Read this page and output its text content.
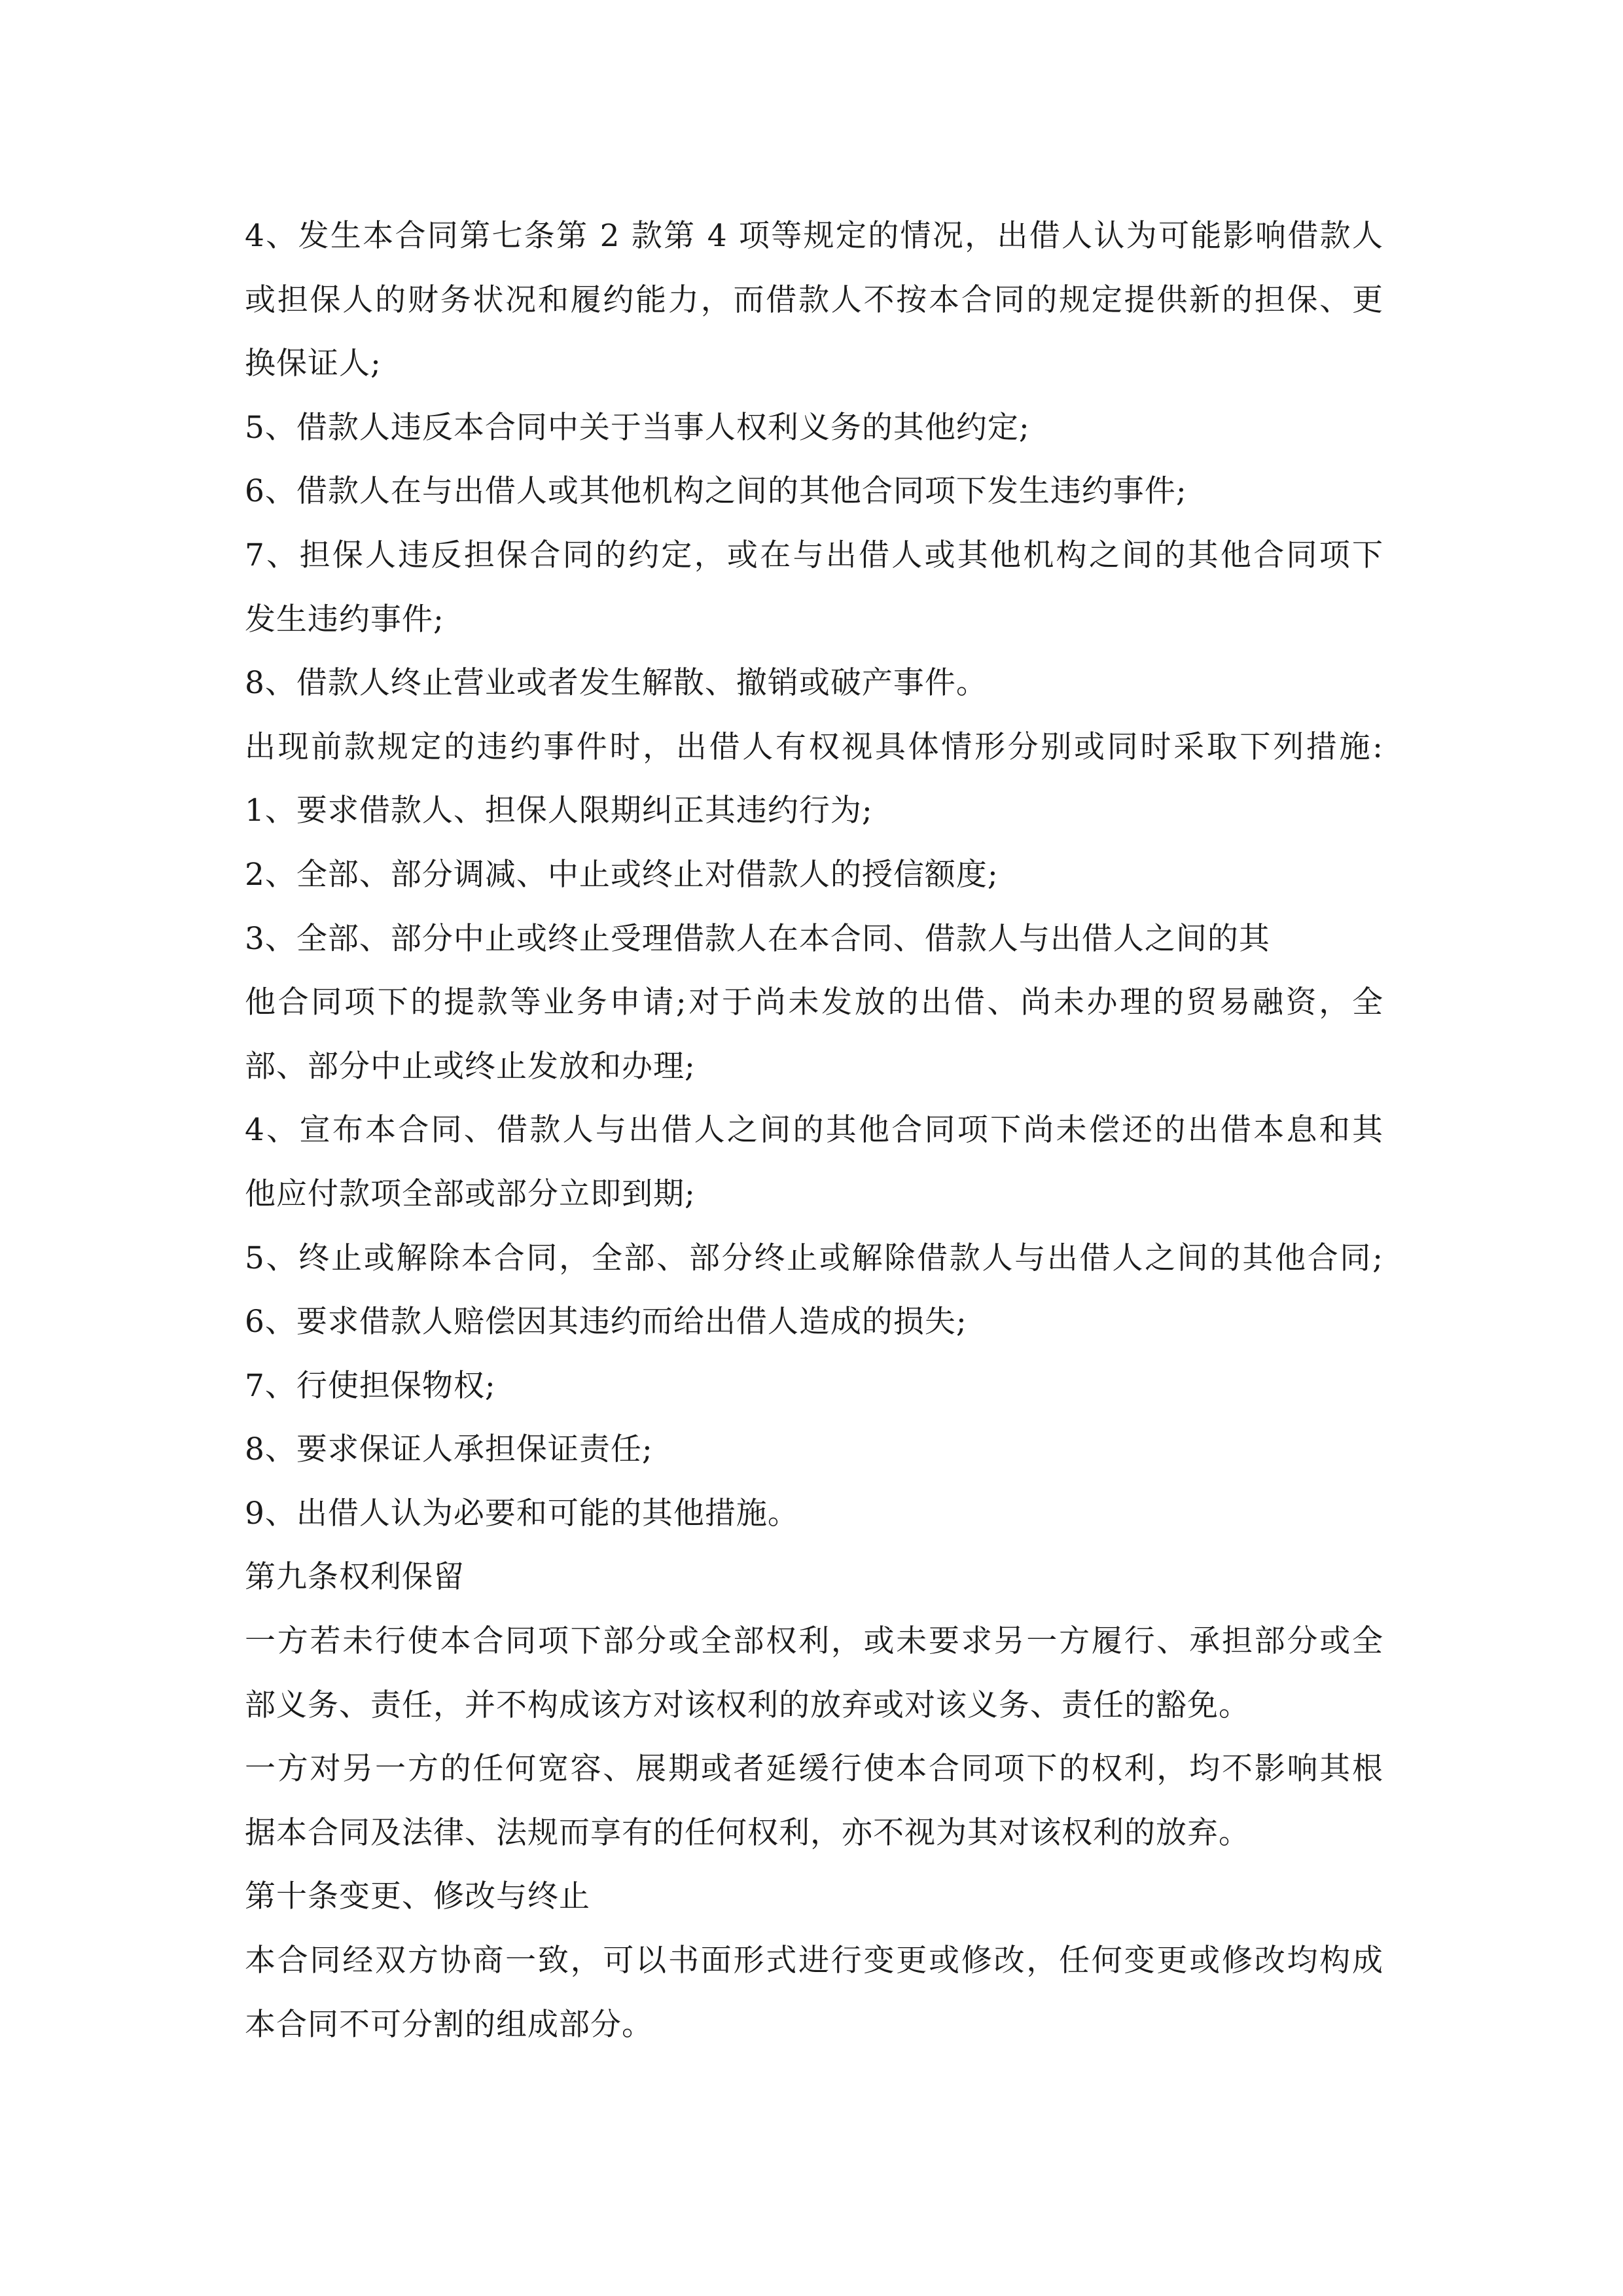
4、发生本合同第七条第 2 款第 4 项等规定的情况，出借人认为可能影响借款人
或担保人的财务状况和履约能力，而借款人不按本合同的规定提供新的担保、更
换保证人;
5、借款人违反本合同中关于当事人权利义务的其他约定;
6、借款人在与出借人或其他机构之间的其他合同项下发生违约事件;
7、担保人违反担保合同的约定，或在与出借人或其他机构之间的其他合同项下
发生违约事件;
8、借款人终止营业或者发生解散、撤销或破产事件。
出现前款规定的违约事件时，出借人有权视具体情形分别或同时采取下列措施:
1、要求借款人、担保人限期纠正其违约行为;
2、全部、部分调减、中止或终止对借款人的授信额度;
3、全部、部分中止或终止受理借款人在本合同、借款人与出借人之间的其
他合同项下的提款等业务申请;对于尚未发放的出借、尚未办理的贸易融资，全
部、部分中止或终止发放和办理;
4、宣布本合同、借款人与出借人之间的其他合同项下尚未偿还的出借本息和其
他应付款项全部或部分立即到期;
5、终止或解除本合同，全部、部分终止或解除借款人与出借人之间的其他合同;
6、要求借款人赔偿因其违约而给出借人造成的损失;
7、行使担保物权;
8、要求保证人承担保证责任;
9、出借人认为必要和可能的其他措施。
第九条权利保留
一方若未行使本合同项下部分或全部权利，或未要求另一方履行、承担部分或全
部义务、责任，并不构成该方对该权利的放弃或对该义务、责任的豁免。
一方对另一方的任何宽容、展期或者延缓行使本合同项下的权利，均不影响其根
据本合同及法律、法规而享有的任何权利，亦不视为其对该权利的放弃。
第十条变更、修改与终止
本合同经双方协商一致，可以书面形式进行变更或修改，任何变更或修改均构成
本合同不可分割的组成部分。
